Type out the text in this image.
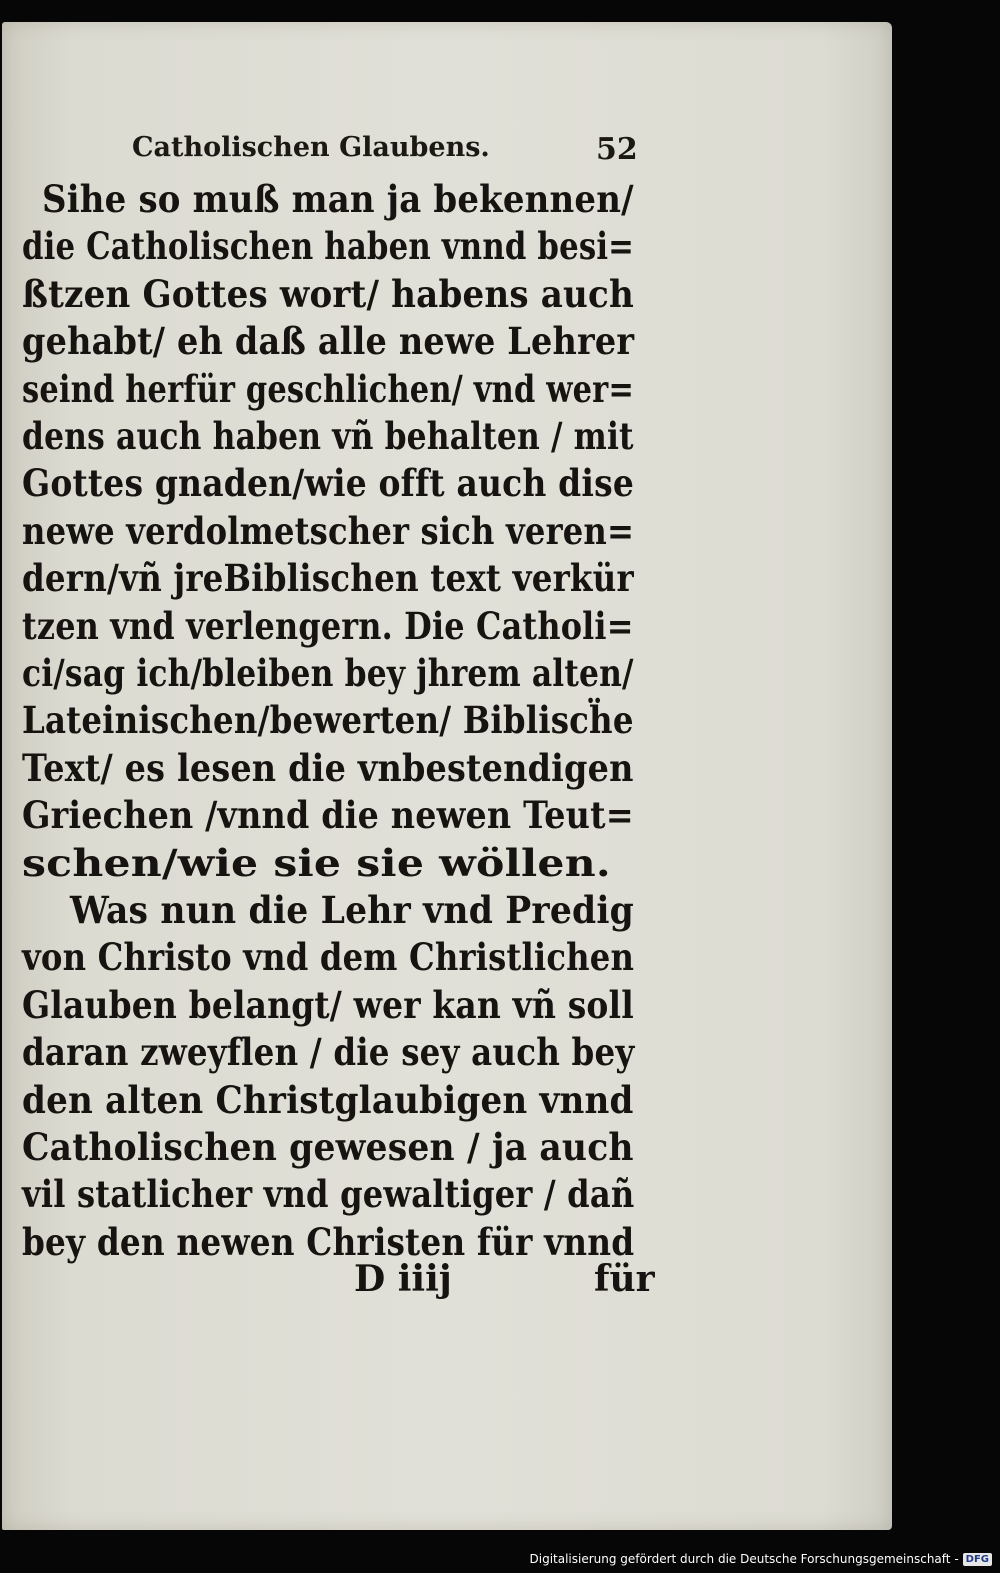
Catholischen Glaubens.	52
Sihe so muß man ja bekennen/
die Catholischen haben vnnd besi=
ßtzen Gottes wort/ habens auch
gehabt/ eh daß alle newe Lehrer
seind herfür geschlichen/ vnd wer=
dens auch haben vñ behalten / mit
Gottes gnaden/wie offt auch dise
newe verdolmetscher sich veren=
dern/vñ jreBiblischen text verkür
tzen vnd verlengern. Die Catholi=
ci/sag ich/bleiben bey jhrem alten/
Lateinischen/bewerten/ Bibliscḧe
Text/ es lesen die vnbestendigen
Griechen /vnnd die newen Teut=
schen/wie sie sie wöllen.
Was nun die Lehr vnd Predig
von Christo vnd dem Christlichen
Glauben belangt/ wer kan vñ soll
daran zweyflen / die sey auch bey
den alten Christglaubigen vnnd
Catholischen gewesen / ja auch
vil statlicher vnd gewaltiger / dañ
bey den newen Christen für vnnd
D iiij	für
Digitalisierung gefördert durch die Deutsche Forschungsgemeinschaft - DFG
